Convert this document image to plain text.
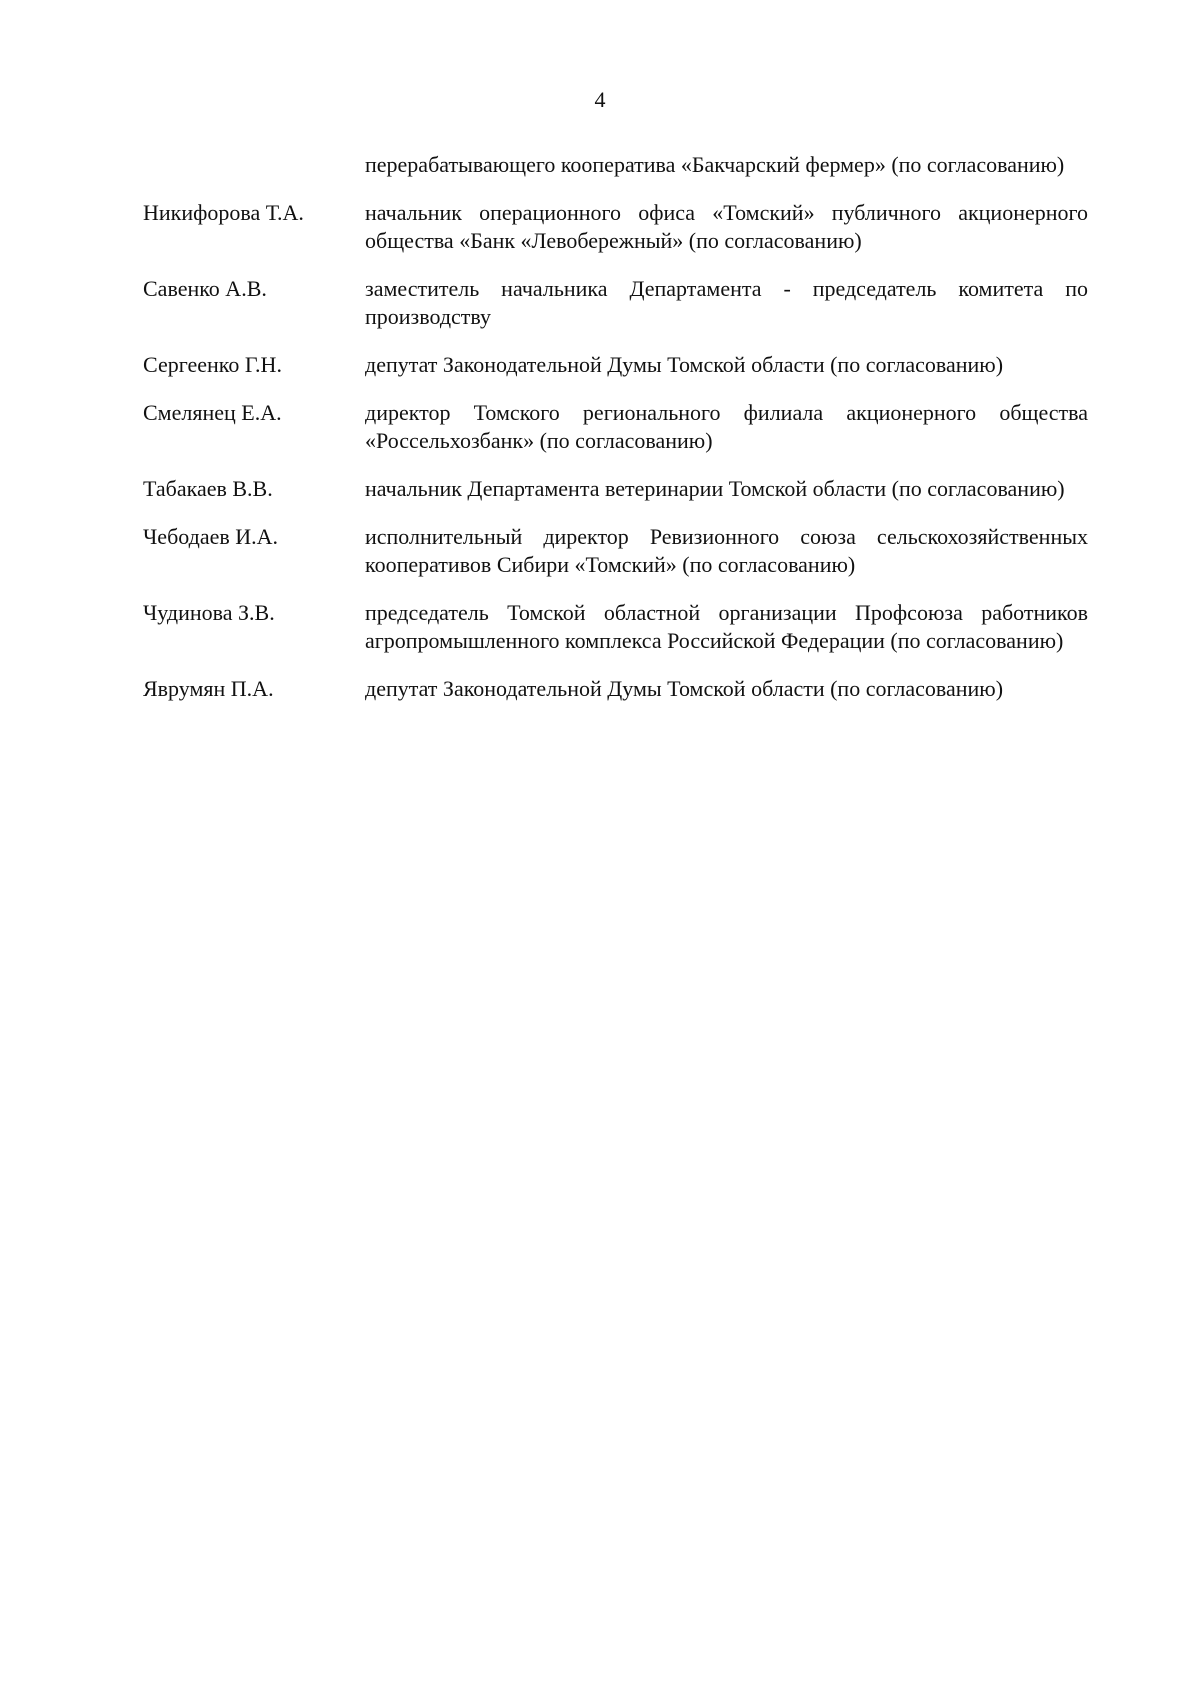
4
перерабатывающего кооператива «Бакчарский фермер» (по согласованию)
Никифорова Т.А.	начальник операционного офиса «Томский» публичного акционерного общества «Банк «Левобережный» (по согласованию)
Савенко А.В.	заместитель начальника Департамента - председатель комитета по производству
Сергеенко Г.Н.	депутат Законодательной Думы Томской области (по согласованию)
Смелянец Е.А.	директор Томского регионального филиала акционерного общества «Россельхозбанк» (по согласованию)
Табакаев В.В.	начальник Департамента ветеринарии Томской области (по согласованию)
Чебодаев И.А.	исполнительный директор Ревизионного союза сельскохозяйственных кооперативов Сибири «Томский» (по согласованию)
Чудинова З.В.	председатель Томской областной организации Профсоюза работников агропромышленного комплекса Российской Федерации (по согласованию)
Яврумян П.А.	депутат Законодательной Думы Томской области (по согласованию)
